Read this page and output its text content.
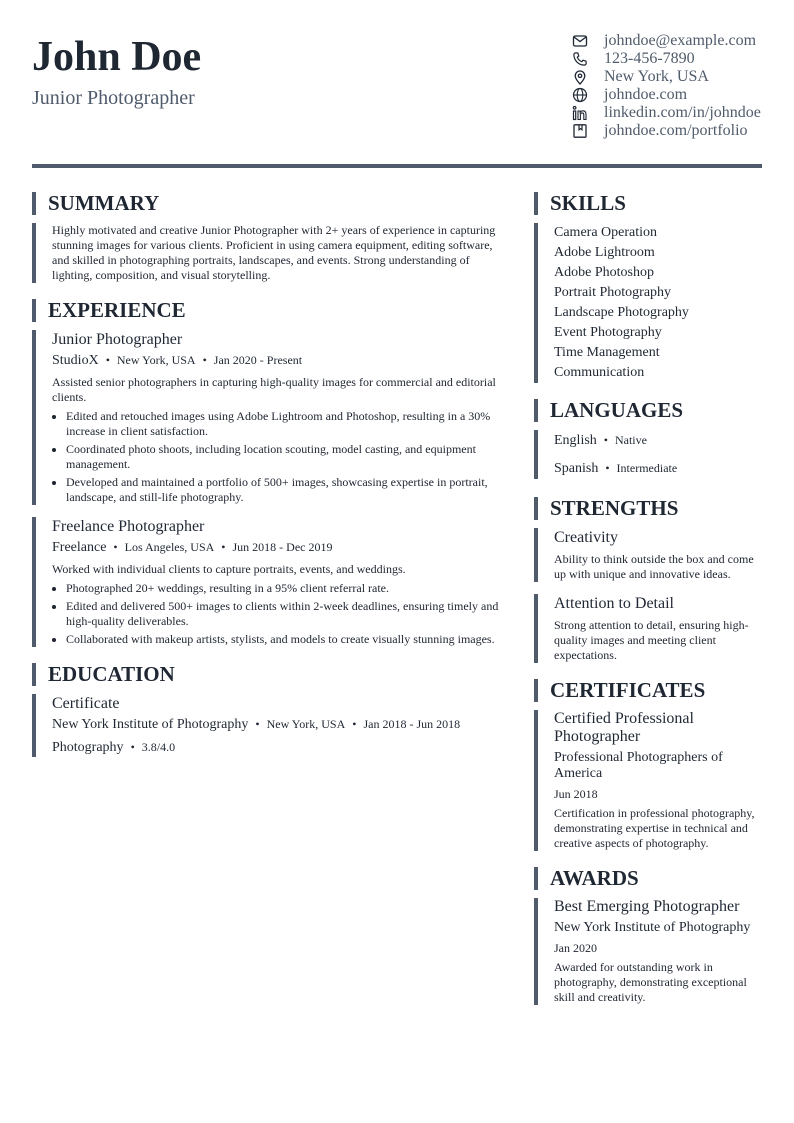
John Doe
Junior Photographer
johndoe@example.com
123-456-7890
New York, USA
johndoe.com
linkedin.com/in/johndoe
johndoe.com/portfolio
SUMMARY
Highly motivated and creative Junior Photographer with 2+ years of experience in capturing stunning images for various clients. Proficient in using camera equipment, editing software, and skilled in photographing portraits, landscapes, and events. Strong understanding of lighting, composition, and visual storytelling.
EXPERIENCE
Junior Photographer
StudioX • New York, USA • Jan 2020 - Present
Assisted senior photographers in capturing high-quality images for commercial and editorial clients.
• Edited and retouched images using Adobe Lightroom and Photoshop, resulting in a 30% increase in client satisfaction.
• Coordinated photo shoots, including location scouting, model casting, and equipment management.
• Developed and maintained a portfolio of 500+ images, showcasing expertise in portrait, landscape, and still-life photography.
Freelance Photographer
Freelance • Los Angeles, USA • Jun 2018 - Dec 2019
Worked with individual clients to capture portraits, events, and weddings.
• Photographed 20+ weddings, resulting in a 95% client referral rate.
• Edited and delivered 500+ images to clients within 2-week deadlines, ensuring timely and high-quality deliverables.
• Collaborated with makeup artists, stylists, and models to create visually stunning images.
EDUCATION
Certificate
New York Institute of Photography • New York, USA • Jan 2018 - Jun 2018
Photography • 3.8/4.0
SKILLS
Camera Operation
Adobe Lightroom
Adobe Photoshop
Portrait Photography
Landscape Photography
Event Photography
Time Management
Communication
LANGUAGES
English • Native
Spanish • Intermediate
STRENGTHS
Creativity
Ability to think outside the box and come up with unique and innovative ideas.
Attention to Detail
Strong attention to detail, ensuring high-quality images and meeting client expectations.
CERTIFICATES
Certified Professional Photographer
Professional Photographers of America
Jun 2018
Certification in professional photography, demonstrating expertise in technical and creative aspects of photography.
AWARDS
Best Emerging Photographer
New York Institute of Photography
Jan 2020
Awarded for outstanding work in photography, demonstrating exceptional skill and creativity.
